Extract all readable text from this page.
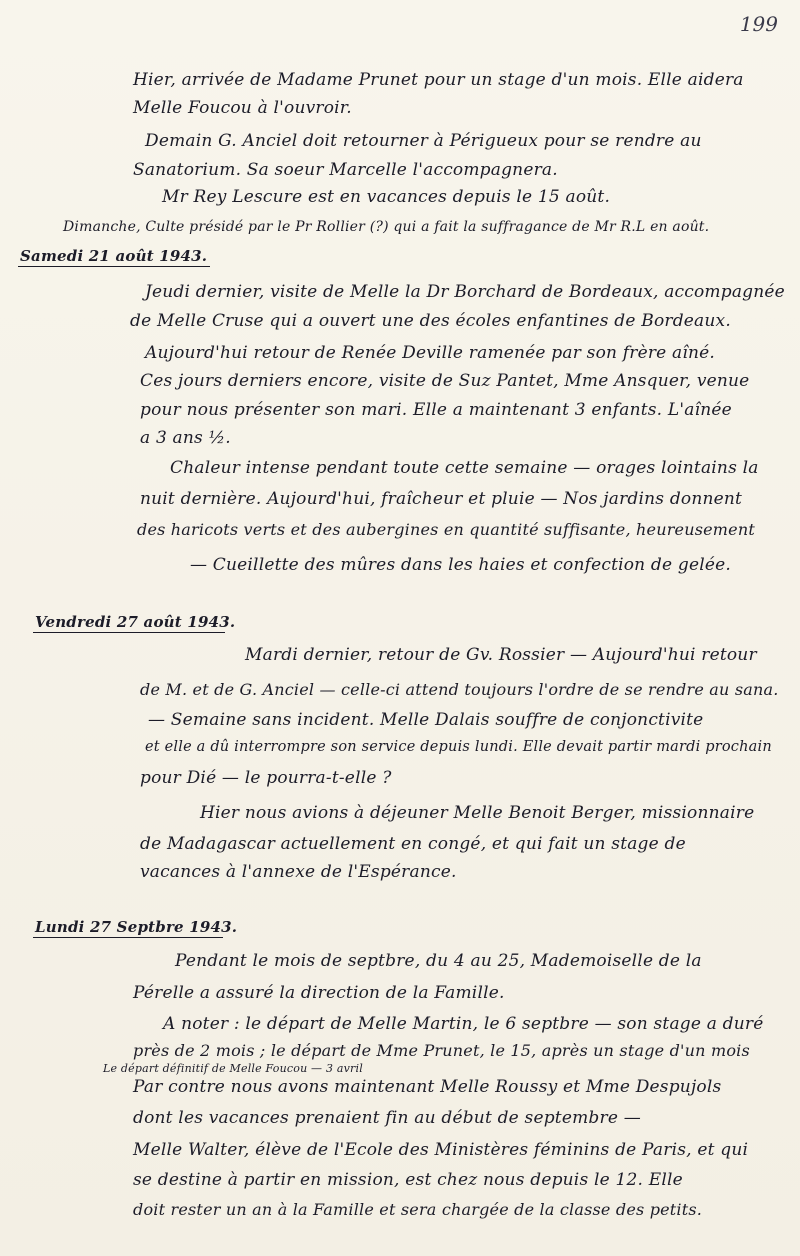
199
Hier, arrivée de Madame Prunet pour un stage d'un mois. Elle aidera
Melle Foucou à l'ouvroir.
Demain G. Anciel doit retourner à Périgueux pour se rendre au
Sanatorium. Sa soeur Marcelle l'accompagnera.
Mr Rey Lescure est en vacances depuis le 15 août.
Dimanche, Culte présidé par le Pr Rollier (?) qui a fait la suffragance de Mr R.L en août.
Samedi 21 août 1943.
Jeudi dernier, visite de Melle la Dr Borchard de Bordeaux, accompagnée
de Melle Cruse qui a ouvert une des écoles enfantines de Bordeaux.
Aujourd'hui retour de Renée Deville ramenée par son frère aîné.
Ces jours derniers encore, visite de Suz Pantet, Mme Ansquer, venue
pour nous présenter son mari. Elle a maintenant 3 enfants. L'aînée
a 3 ans ½.
Chaleur intense pendant toute cette semaine — orages lointains la
nuit dernière. Aujourd'hui, fraîcheur et pluie — Nos jardins donnent
des haricots verts et des aubergines en quantité suffisante, heureusement
— Cueillette des mûres dans les haies et confection de gelée.
Vendredi 27 août 1943.
Mardi dernier, retour de Gv. Rossier — Aujourd'hui retour
de M. et de G. Anciel — celle-ci attend toujours l'ordre de se rendre au sana.
— Semaine sans incident. Melle Dalais souffre de conjonctivite
et elle a dû interrompre son service depuis lundi. Elle devait partir mardi prochain
pour Dié — le pourra-t-elle ?
Hier nous avions à déjeuner Melle Benoit Berger, missionnaire
de Madagascar actuellement en congé, et qui fait un stage de
vacances à l'annexe de l'Espérance.
Lundi 27 Septbre 1943.
Pendant le mois de septbre, du 4 au 25, Mademoiselle de la
Pérelle a assuré la direction de la Famille.
A noter : le départ de Melle Martin, le 6 septbre — son stage a duré
près de 2 mois ; le départ de Mme Prunet, le 15, après un stage d'un mois
Le départ définitif de Melle Foucou — 3 avril
Par contre nous avons maintenant Melle Roussy et Mme Despujols
dont les vacances prenaient fin au début de septembre —
Melle Walter, élève de l'Ecole des Ministères féminins de Paris, et qui
se destine à partir en mission, est chez nous depuis le 12. Elle
doit rester un an à la Famille et sera chargée de la classe des petits.
